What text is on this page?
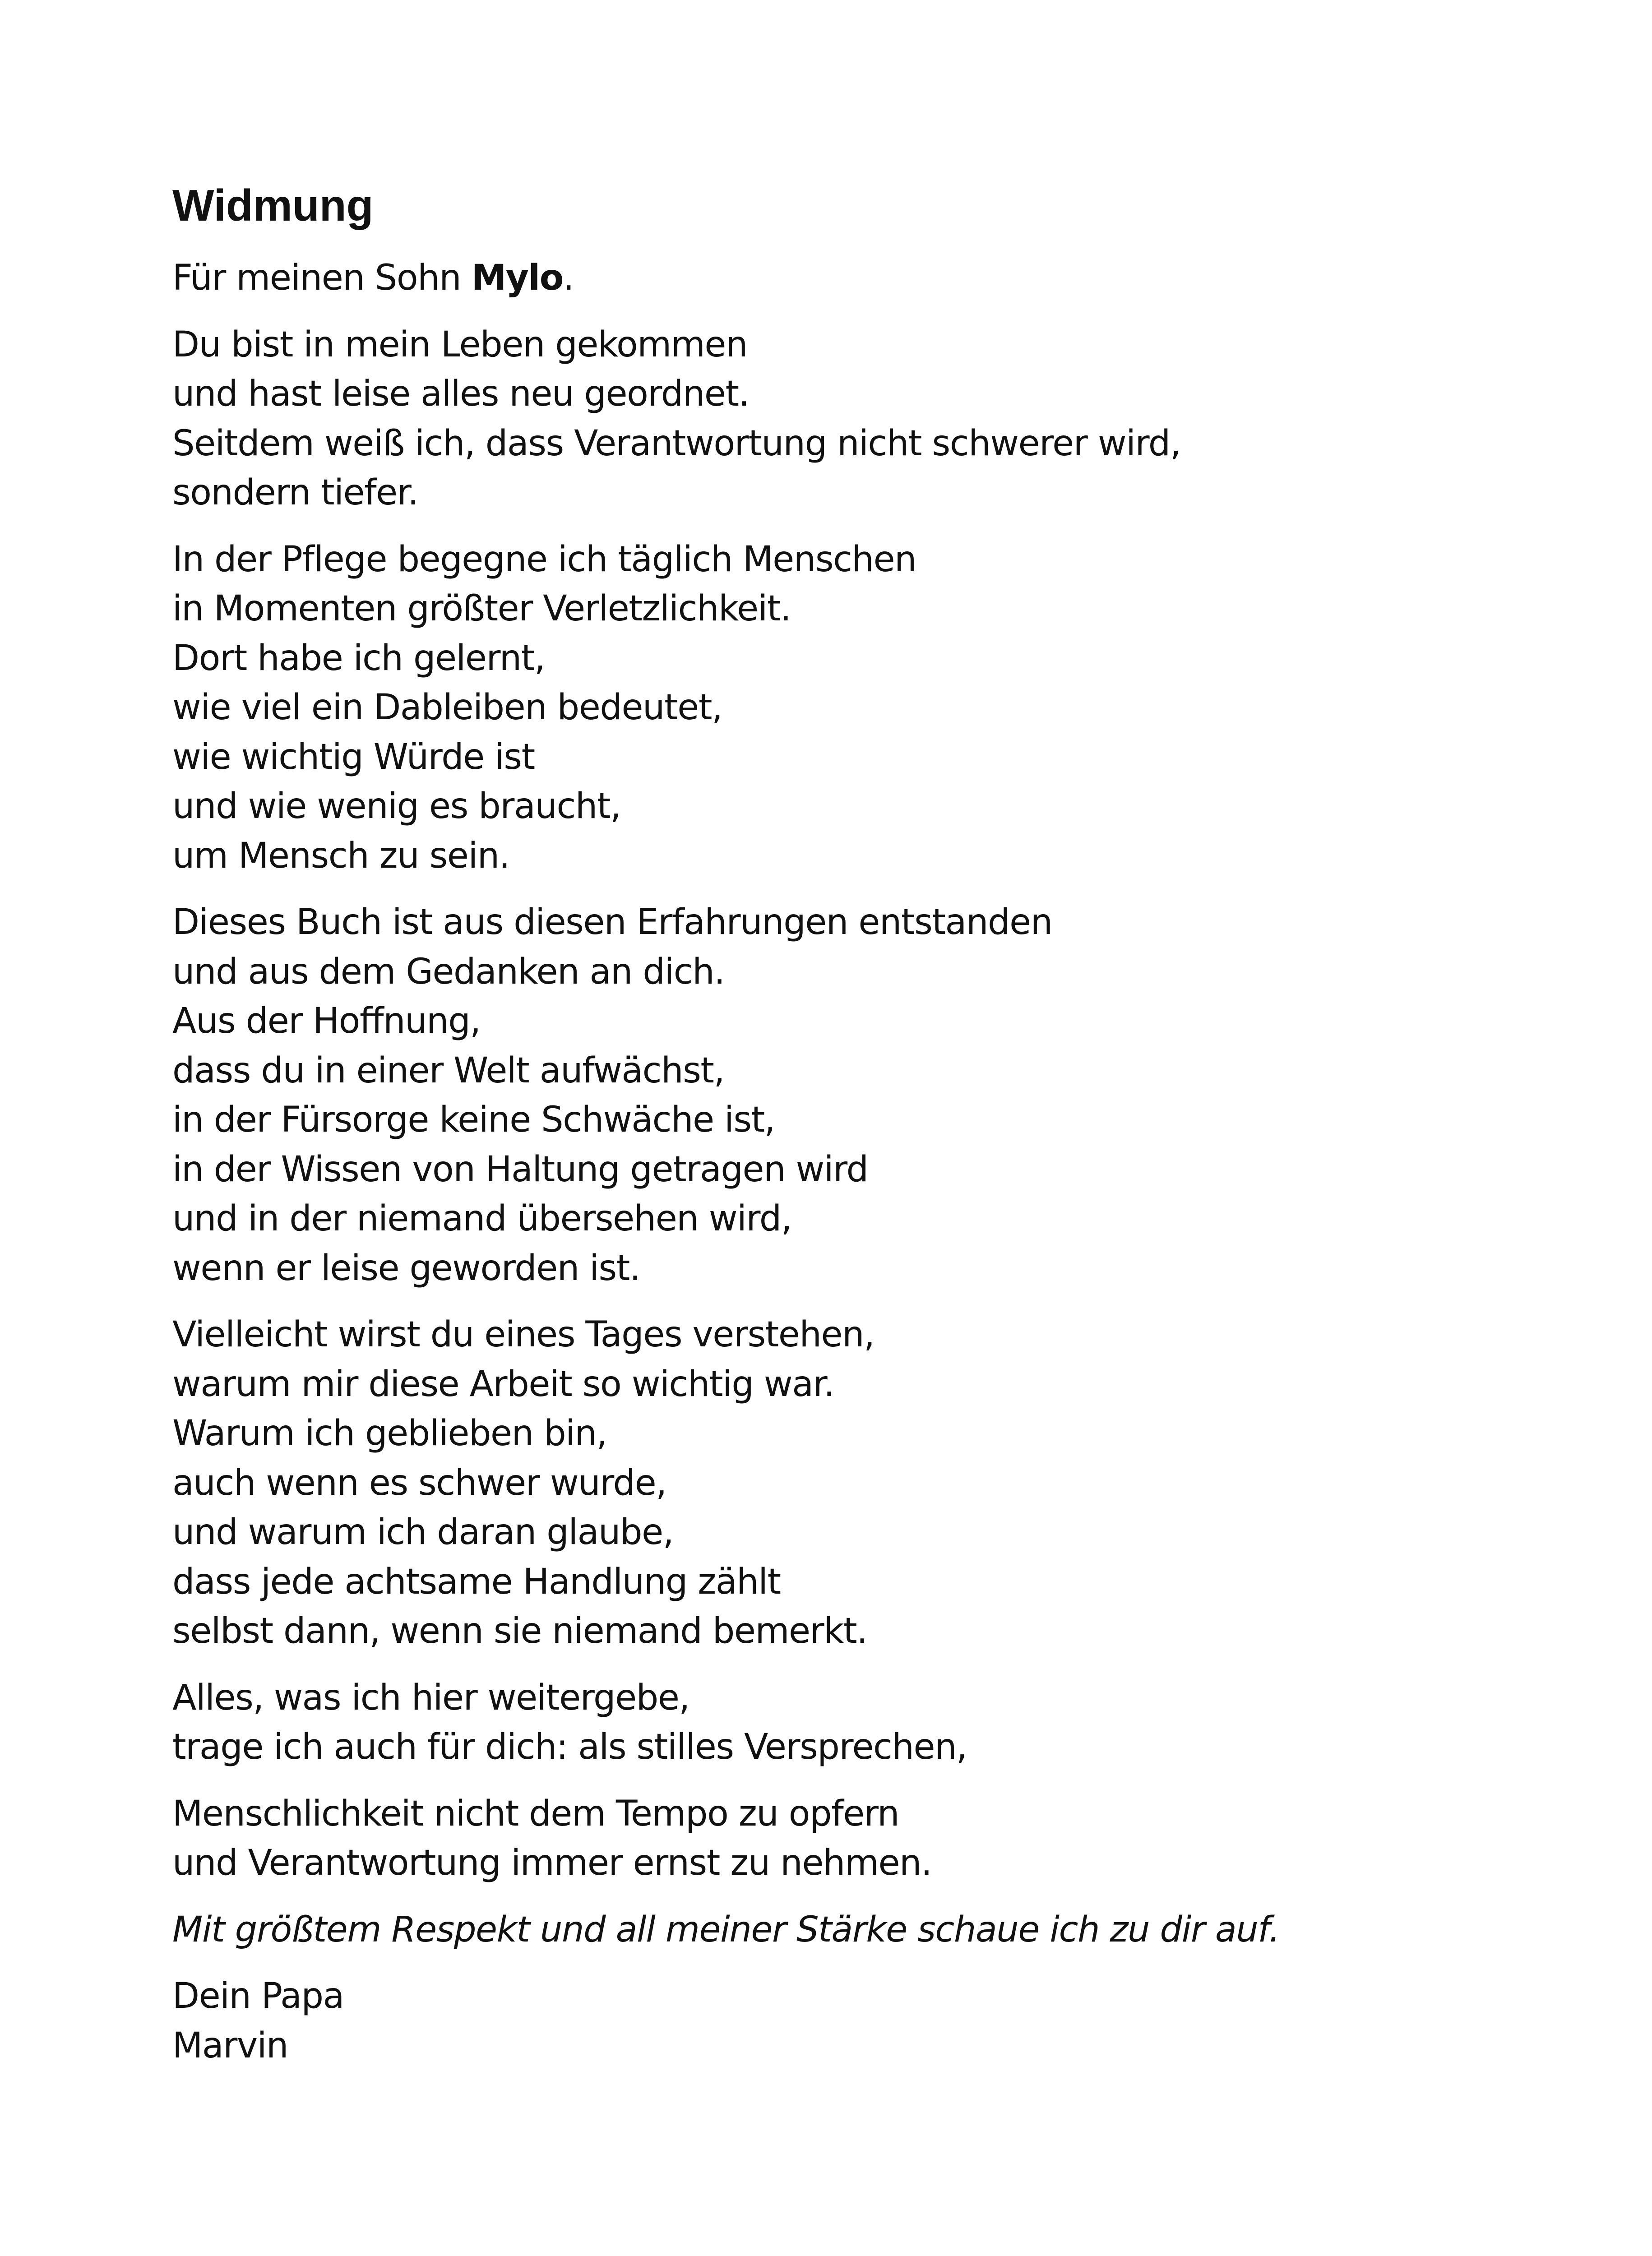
Widmung
Für meinen Sohn Mylo.
Du bist in mein Leben gekommen
und hast leise alles neu geordnet.
Seitdem weiß ich, dass Verantwortung nicht schwerer wird,
sondern tiefer.
In der Pflege begegne ich täglich Menschen
in Momenten größter Verletzlichkeit.
Dort habe ich gelernt,
wie viel ein Dableiben bedeutet,
wie wichtig Würde ist
und wie wenig es braucht,
um Mensch zu sein.
Dieses Buch ist aus diesen Erfahrungen entstanden
und aus dem Gedanken an dich.
Aus der Hoffnung,
dass du in einer Welt aufwächst,
in der Fürsorge keine Schwäche ist,
in der Wissen von Haltung getragen wird
und in der niemand übersehen wird,
wenn er leise geworden ist.
Vielleicht wirst du eines Tages verstehen,
warum mir diese Arbeit so wichtig war.
Warum ich geblieben bin,
auch wenn es schwer wurde,
und warum ich daran glaube,
dass jede achtsame Handlung zählt
selbst dann, wenn sie niemand bemerkt.
Alles, was ich hier weitergebe,
trage ich auch für dich: als stilles Versprechen,
Menschlichkeit nicht dem Tempo zu opfern
und Verantwortung immer ernst zu nehmen.
Mit größtem Respekt und all meiner Stärke schaue ich zu dir auf.
Dein Papa
Marvin
